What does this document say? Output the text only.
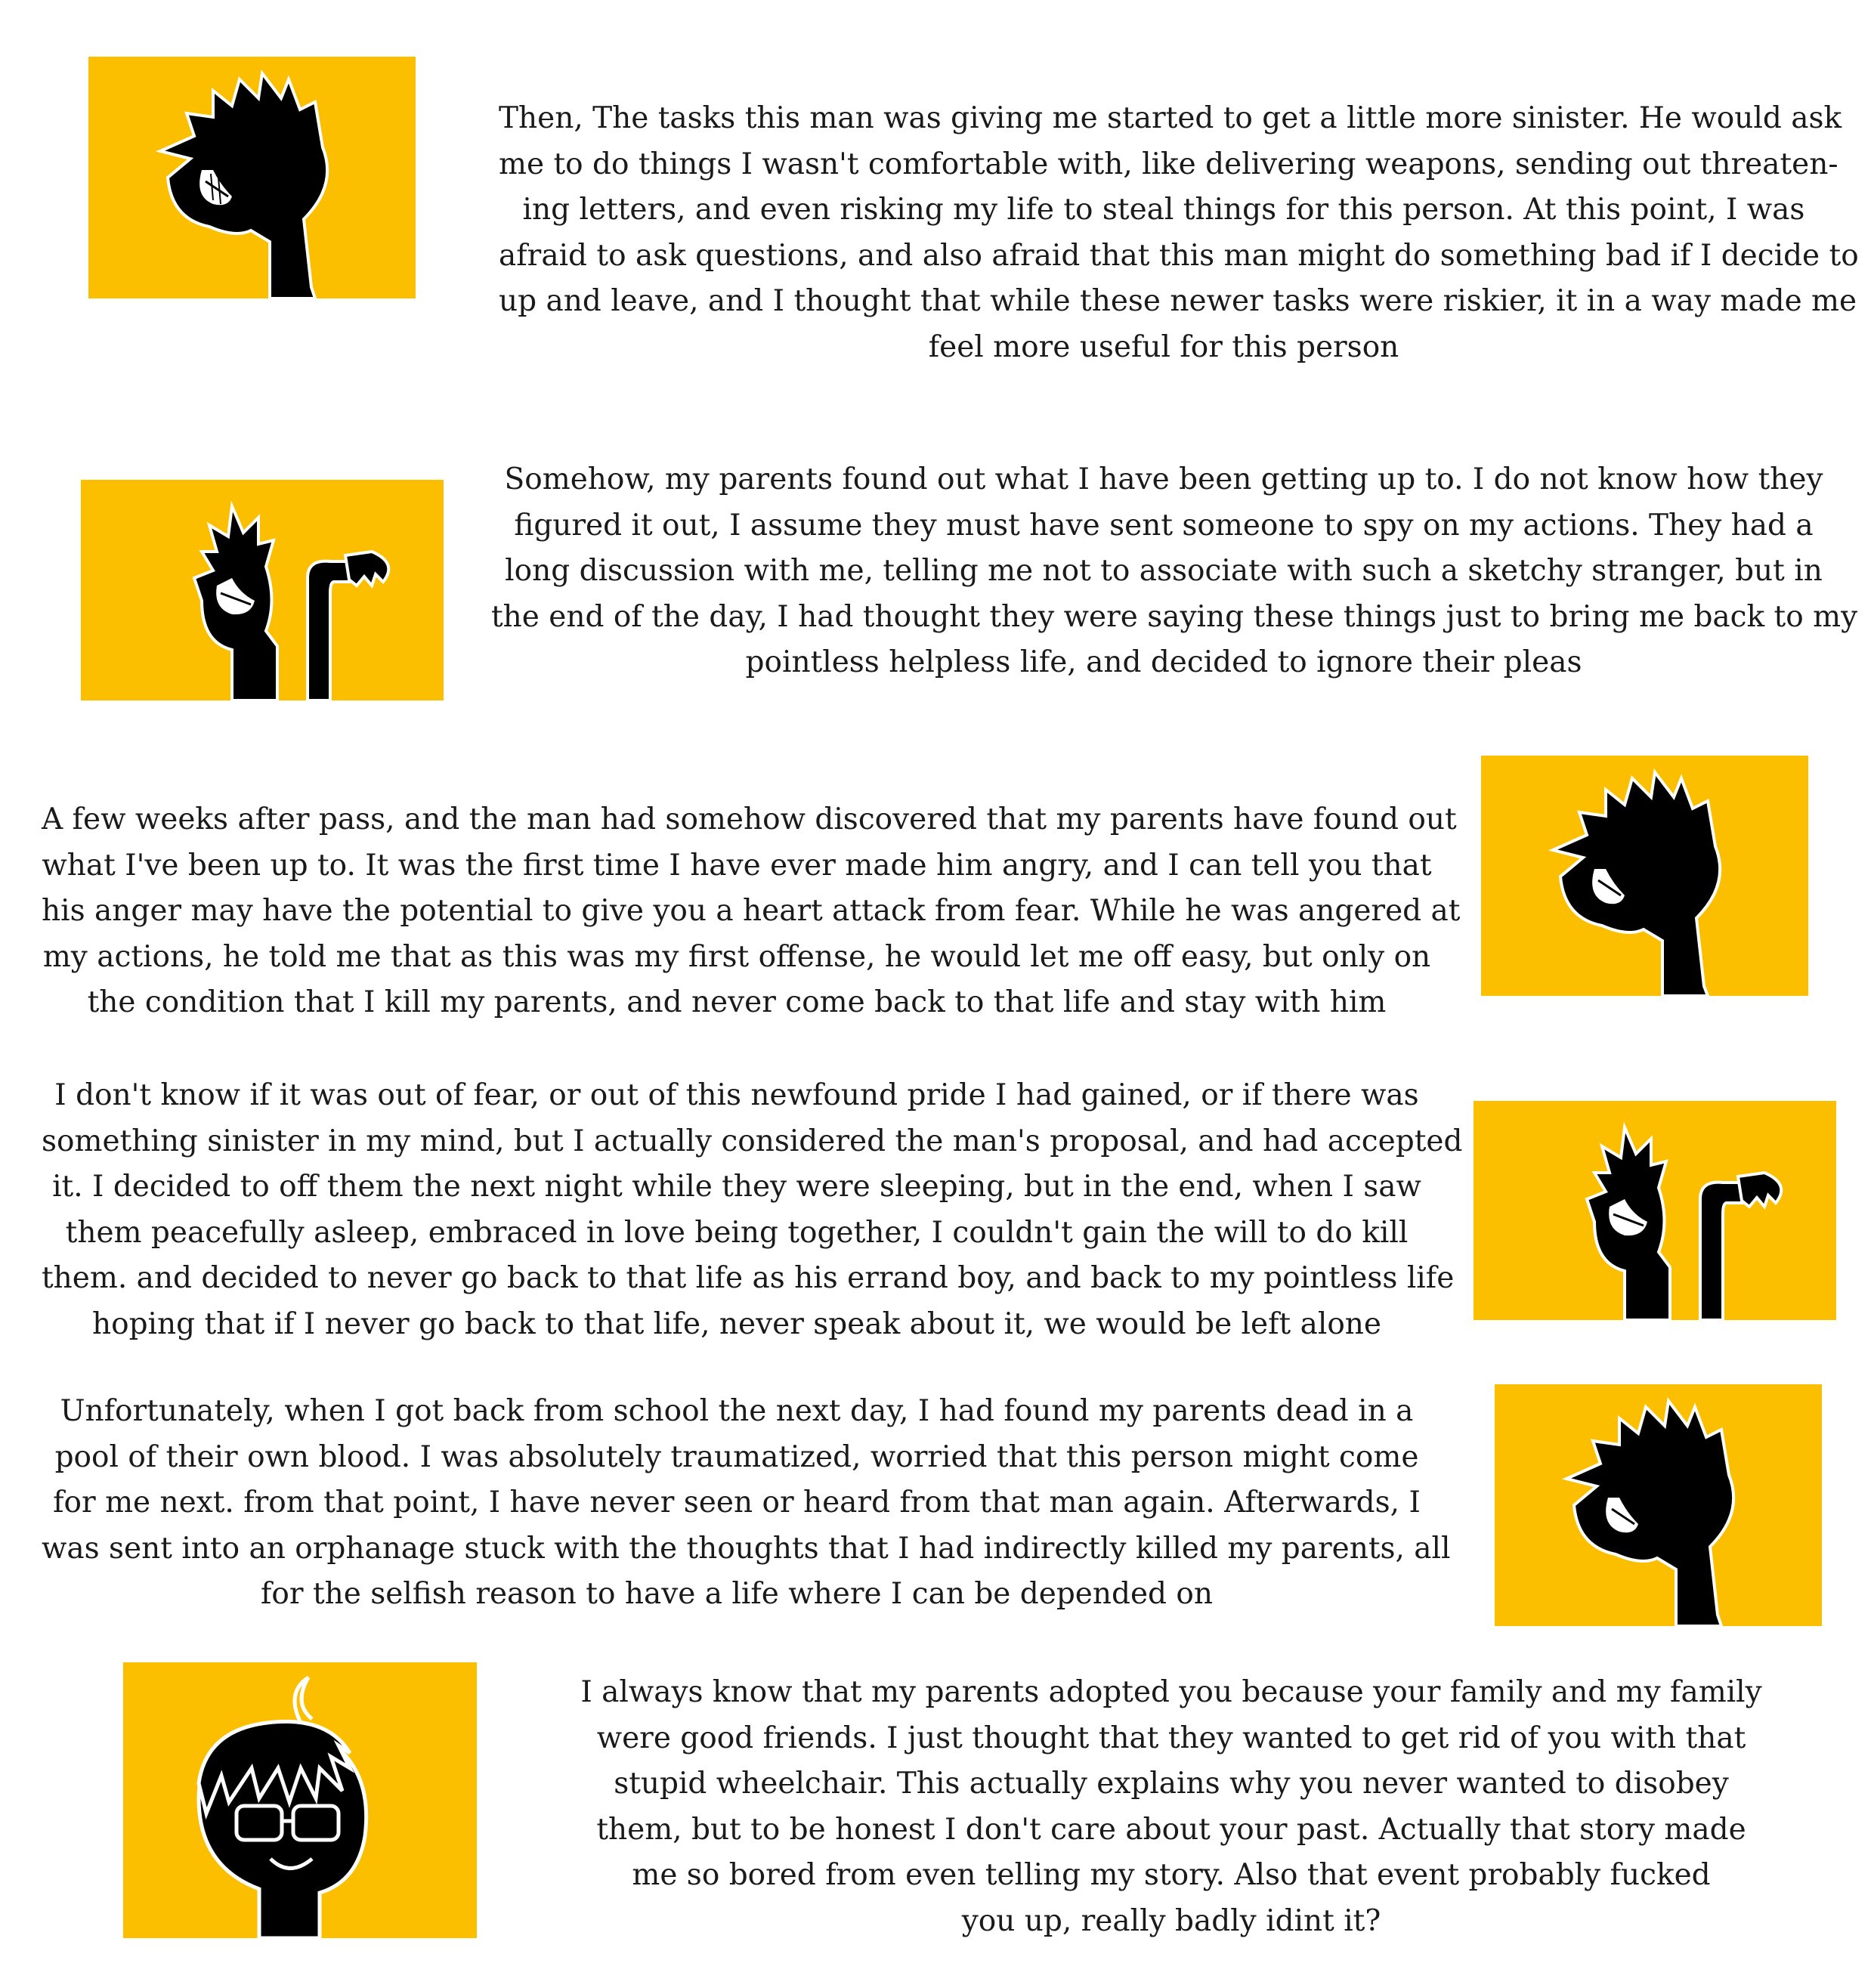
Then, The tasks this man was giving me started to get a little more sinister. He would ask
me to do things I wasn't comfortable with, like delivering weapons, sending out threaten-
ing letters, and even risking my life to steal things for this person. At this point, I was
afraid to ask questions, and also afraid that this man might do something bad if I decide to
up and leave, and I thought that while these newer tasks were riskier, it in a way made me
feel more useful for this person
Somehow, my parents found out what I have been getting up to. I do not know how they
figured it out, I assume they must have sent someone to spy on my actions. They had a
long discussion with me, telling me not to associate with such a sketchy stranger, but in
the end of the day, I had thought they were saying these things just to bring me back to my
pointless helpless life, and decided to ignore their pleas
A few weeks after pass, and the man had somehow discovered that my parents have found out
what I've been up to. It was the first time I have ever made him angry, and I can tell you that
his anger may have the potential to give you a heart attack from fear. While he was angered at
my actions, he told me that as this was my first offense, he would let me off easy, but only on
the condition that I kill my parents, and never come back to that life and stay with him
I don't know if it was out of fear, or out of this newfound pride I had gained, or if there was
something sinister in my mind, but I actually considered the man's proposal, and had accepted
it. I decided to off them the next night while they were sleeping, but in the end, when I saw
them peacefully asleep, embraced in love being together, I couldn't gain the will to do kill
them. and decided to never go back to that life as his errand boy, and back to my pointless life
hoping that if I never go back to that life, never speak about it, we would be left alone
Unfortunately, when I got back from school the next day, I had found my parents dead in a
pool of their own blood. I was absolutely traumatized, worried that this person might come
for me next. from that point, I have never seen or heard from that man again. Afterwards, I
was sent into an orphanage stuck with the thoughts that I had indirectly killed my parents, all
for the selfish reason to have a life where I can be depended on
I always know that my parents adopted you because your family and my family
were good friends. I just thought that they wanted to get rid of you with that
stupid wheelchair. This actually explains why you never wanted to disobey
them, but to be honest I don't care about your past. Actually that story made
me so bored from even telling my story. Also that event probably fucked
you up, really badly idint it?
